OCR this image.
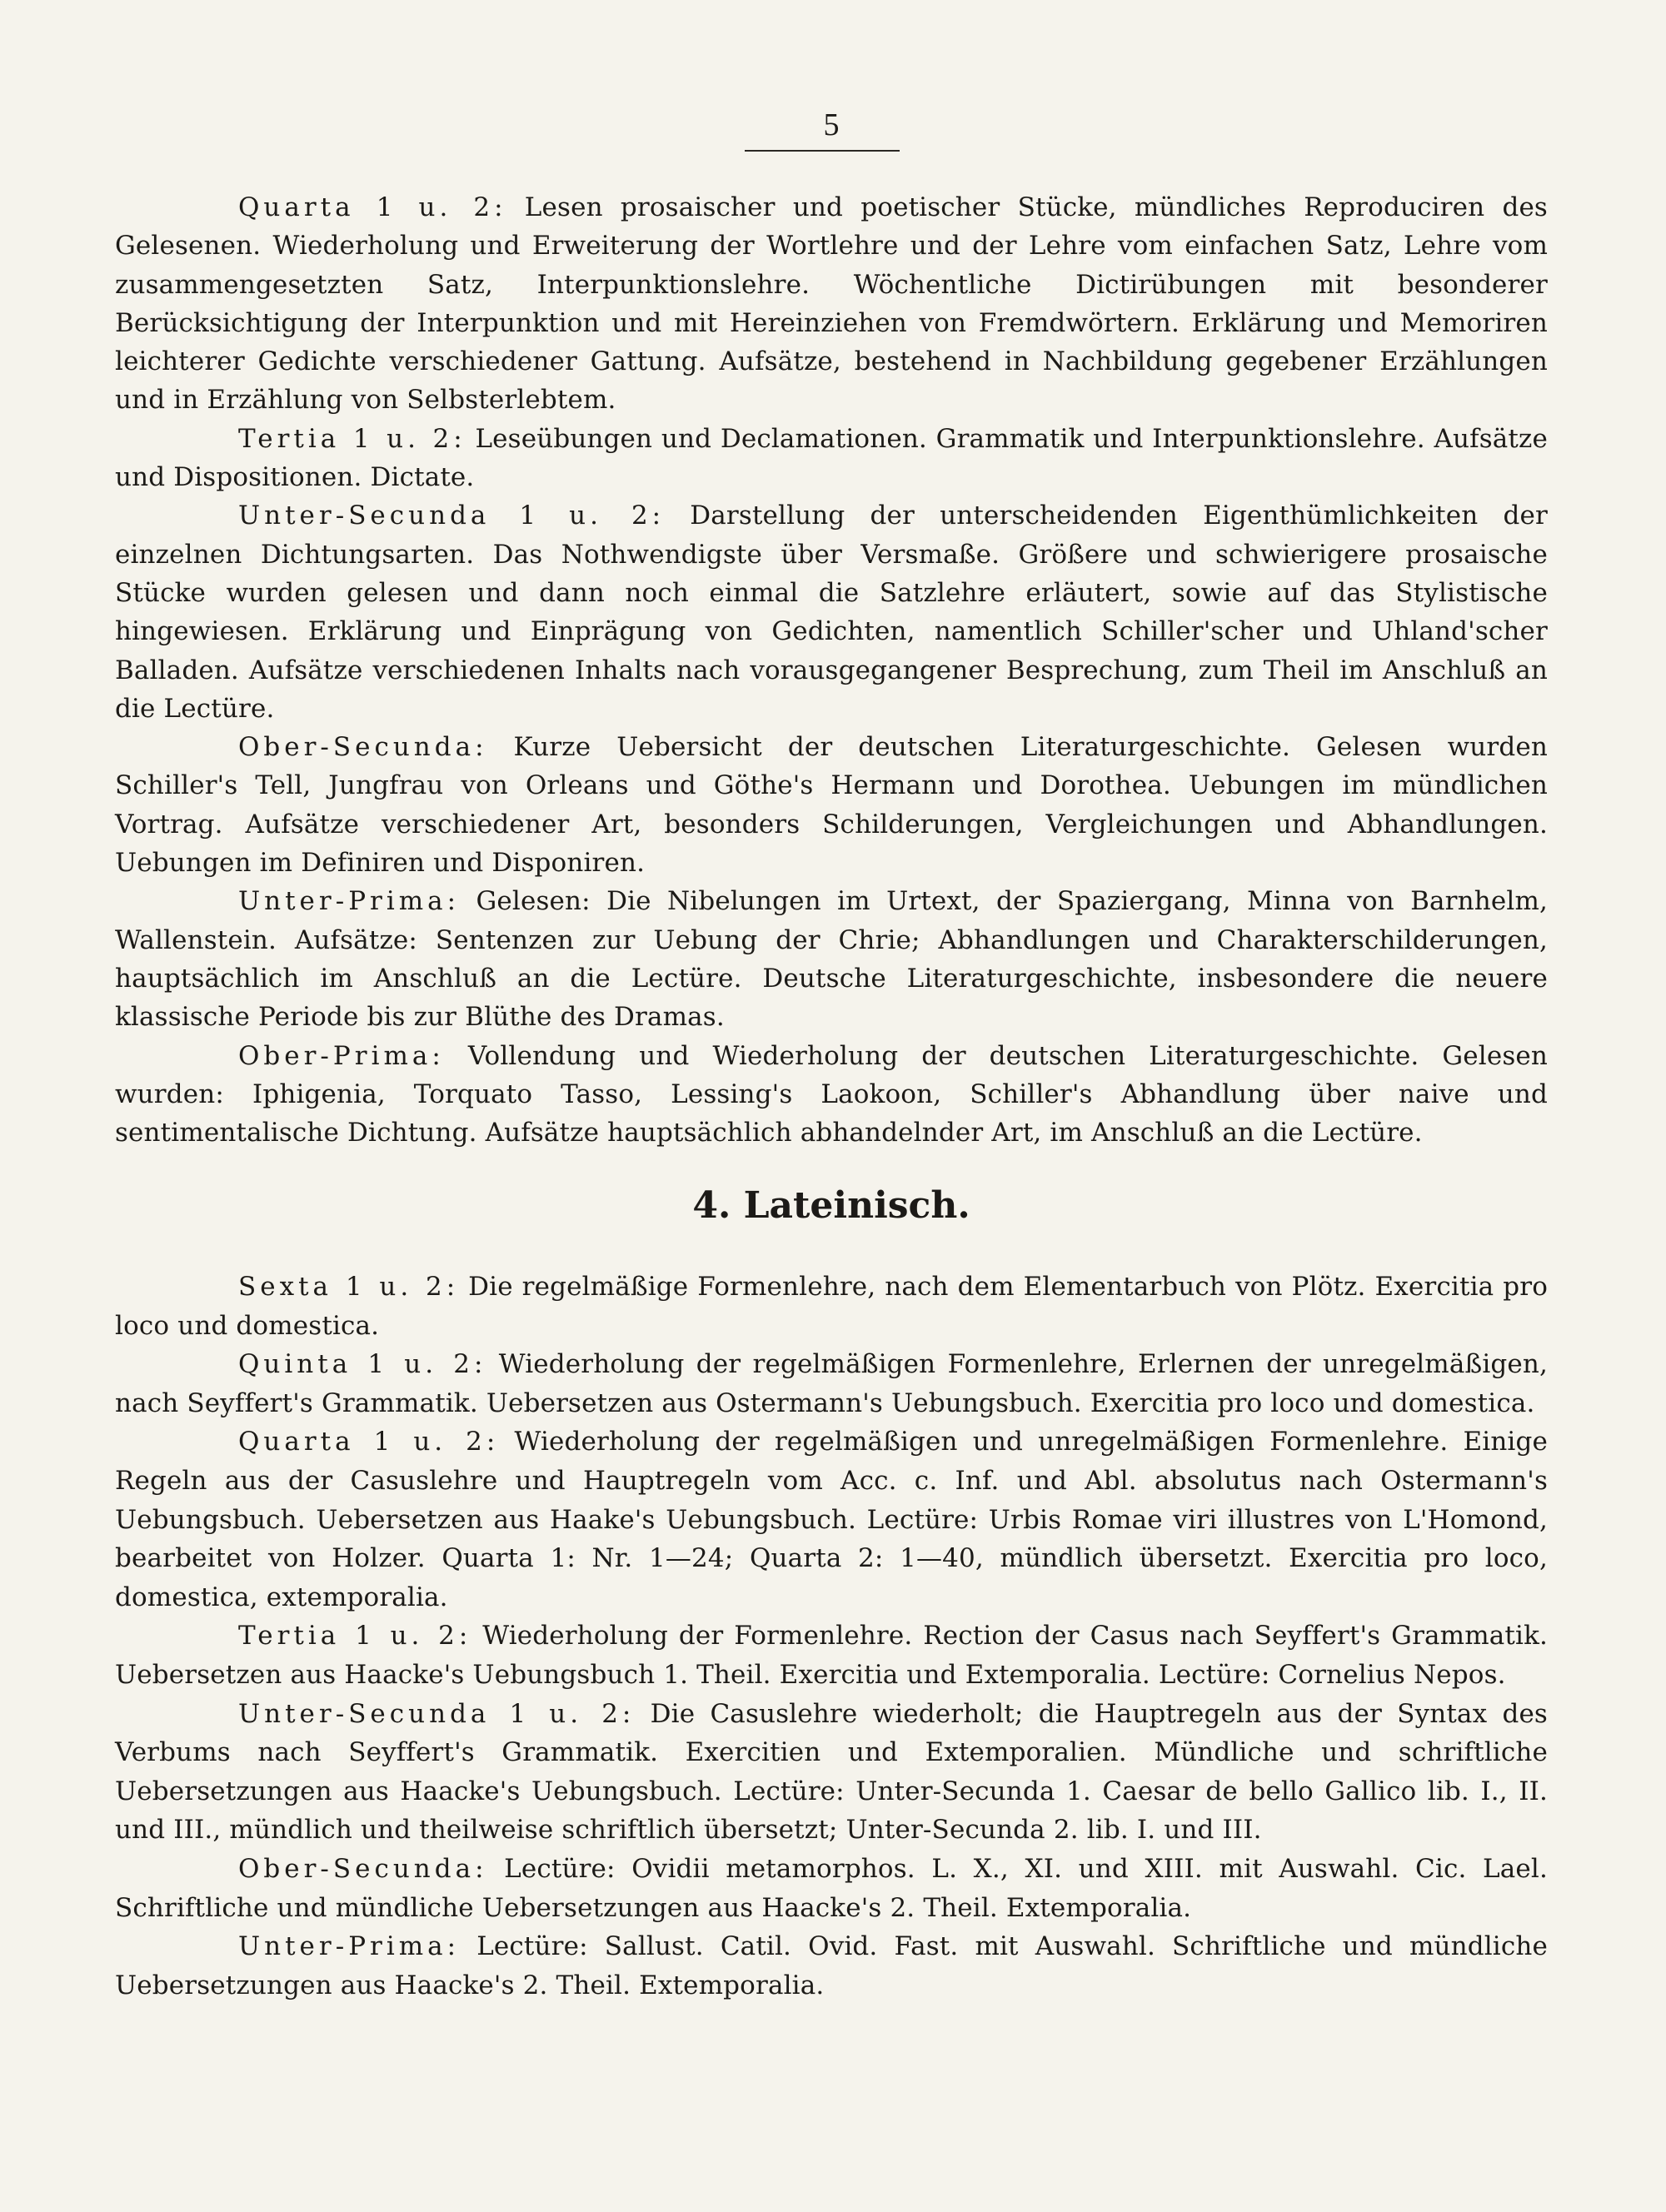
5

Quarta 1 u. 2: Lesen prosaischer und poetischer Stücke, mündliches Reproduciren des Gelesenen. Wiederholung und Erweiterung der Wortlehre und der Lehre vom einfachen Satz, Lehre vom zusammengesetzten Satz, Interpunktionslehre. Wöchentliche Dictirübungen mit besonderer Berücksichtigung der Interpunktion und mit Hereinziehen von Fremdwörtern. Erklärung und Memoriren leichterer Gedichte verschiedener Gattung. Aufsätze, bestehend in Nachbildung gegebener Erzählungen und in Erzählung von Selbsterlebtem.

Tertia 1 u. 2: Leseübungen und Declamationen. Grammatik und Interpunktionslehre. Aufsätze und Dispositionen. Dictate.

Unter-Secunda 1 u. 2: Darstellung der unterscheidenden Eigenthümlichkeiten der einzelnen Dichtungsarten. Das Nothwendigste über Versmaße. Größere und schwierigere prosaische Stücke wurden gelesen und dann noch einmal die Satzlehre erläutert, sowie auf das Stylistische hingewiesen. Erklärung und Einprägung von Gedichten, namentlich Schiller'scher und Uhland'scher Balladen. Aufsätze verschiedenen Inhalts nach vorausgegangener Besprechung, zum Theil im Anschluß an die Lectüre.

Ober-Secunda: Kurze Uebersicht der deutschen Literaturgeschichte. Gelesen wurden Schiller's Tell, Jungfrau von Orleans und Göthe's Hermann und Dorothea. Uebungen im mündlichen Vortrag. Aufsätze verschiedener Art, besonders Schilderungen, Vergleichungen und Abhandlungen. Uebungen im Definiren und Disponiren.

Unter-Prima: Gelesen: Die Nibelungen im Urtext, der Spaziergang, Minna von Barnhelm, Wallenstein. Aufsätze: Sentenzen zur Uebung der Chrie; Abhandlungen und Charakterschilderungen, hauptsächlich im Anschluß an die Lectüre. Deutsche Literaturgeschichte, insbesondere die neuere klassische Periode bis zur Blüthe des Dramas.

Ober-Prima: Vollendung und Wiederholung der deutschen Literaturgeschichte. Gelesen wurden: Iphigenia, Torquato Tasso, Lessing's Laokoon, Schiller's Abhandlung über naive und sentimentalische Dichtung. Aufsätze hauptsächlich abhandelnder Art, im Anschluß an die Lectüre.

4. Lateinisch.

Sexta 1 u. 2: Die regelmäßige Formenlehre, nach dem Elementarbuch von Plötz. Exercitia pro loco und domestica.

Quinta 1 u. 2: Wiederholung der regelmäßigen Formenlehre, Erlernen der unregelmäßigen, nach Seyffert's Grammatik. Uebersetzen aus Ostermann's Uebungsbuch. Exercitia pro loco und domestica.

Quarta 1 u. 2: Wiederholung der regelmäßigen und unregelmäßigen Formenlehre. Einige Regeln aus der Casuslehre und Hauptregeln vom Acc. c. Inf. und Abl. absolutus nach Ostermann's Uebungsbuch. Uebersetzen aus Haake's Uebungsbuch. Lectüre: Urbis Romae viri illustres von L'Homond, bearbeitet von Holzer. Quarta 1: Nr. 1—24; Quarta 2: 1—40, mündlich übersetzt. Exercitia pro loco, domestica, extemporalia.

Tertia 1 u. 2: Wiederholung der Formenlehre. Rection der Casus nach Seyffert's Grammatik. Uebersetzen aus Haacke's Uebungsbuch 1. Theil. Exercitia und Extemporalia. Lectüre: Cornelius Nepos.

Unter-Secunda 1 u. 2: Die Casuslehre wiederholt; die Hauptregeln aus der Syntax des Verbums nach Seyffert's Grammatik. Exercitien und Extemporalien. Mündliche und schriftliche Uebersetzungen aus Haacke's Uebungsbuch. Lectüre: Unter-Secunda 1. Caesar de bello Gallico lib. I., II. und III., mündlich und theilweise schriftlich übersetzt; Unter-Secunda 2. lib. I. und III.

Ober-Secunda: Lectüre: Ovidii metamorphos. L. X., XI. und XIII. mit Auswahl. Cic. Lael. Schriftliche und mündliche Uebersetzungen aus Haacke's 2. Theil. Extemporalia.

Unter-Prima: Lectüre: Sallust. Catil. Ovid. Fast. mit Auswahl. Schriftliche und mündliche Uebersetzungen aus Haacke's 2. Theil. Extemporalia.
